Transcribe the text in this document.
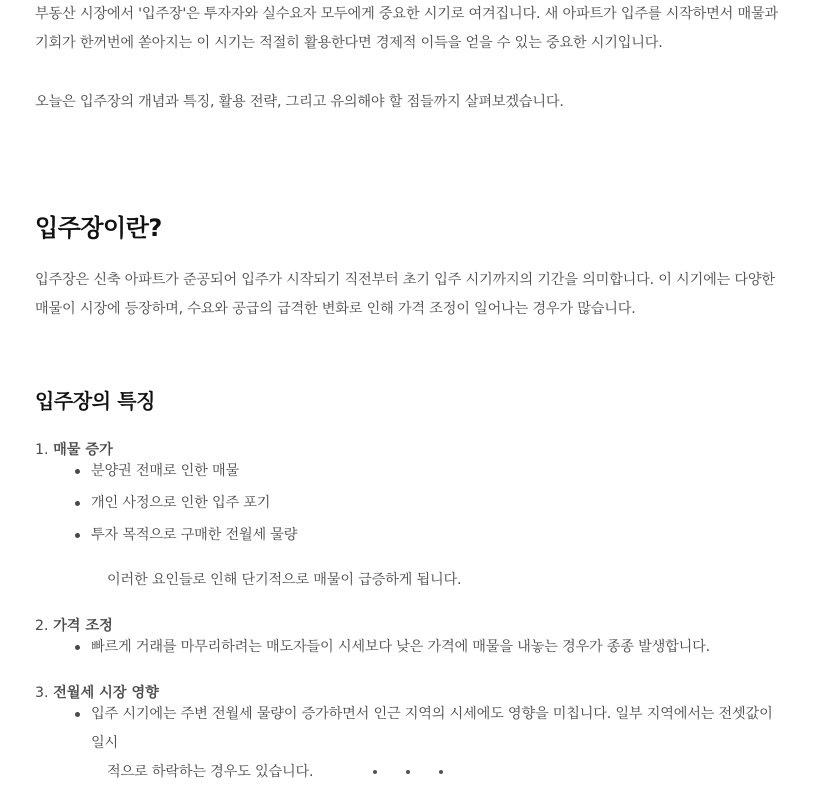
부동산 시장에서 '입주장'은 투자자와 실수요자 모두에게 중요한 시기로 여겨집니다. 새 아파트가 입주를 시작하면서 매물과 기회가 한꺼번에 쏟아지는 이 시기는 적절히 활용한다면 경제적 이득을 얻을 수 있는 중요한 시기입니다.

오늘은 입주장의 개념과 특징, 활용 전략, 그리고 유의해야 할 점들까지 살펴보겠습니다.

입주장이란?

입주장은 신축 아파트가 준공되어 입주가 시작되기 직전부터 초기 입주 시기까지의 기간을 의미합니다. 이 시기에는 다양한 매물이 시장에 등장하며, 수요와 공급의 급격한 변화로 인해 가격 조정이 일어나는 경우가 많습니다.

입주장의 특징
1. 매물 증가
분양권 전매로 인한 매물
개인 사정으로 인한 입주 포기
투자 목적으로 구매한 전월세 물량
이러한 요인들로 인해 단기적으로 매물이 급증하게 됩니다.
2. 가격 조정
빠르게 거래를 마무리하려는 매도자들이 시세보다 낮은 가격에 매물을 내놓는 경우가 종종 발생합니다.
3. 전월세 시장 영향
입주 시기에는 주변 전월세 물량이 증가하면서 인근 지역의 시세에도 영향을 미칩니다. 일부 지역에서는 전셋값이 일시
적으로 하락하는 경우도 있습니다.
